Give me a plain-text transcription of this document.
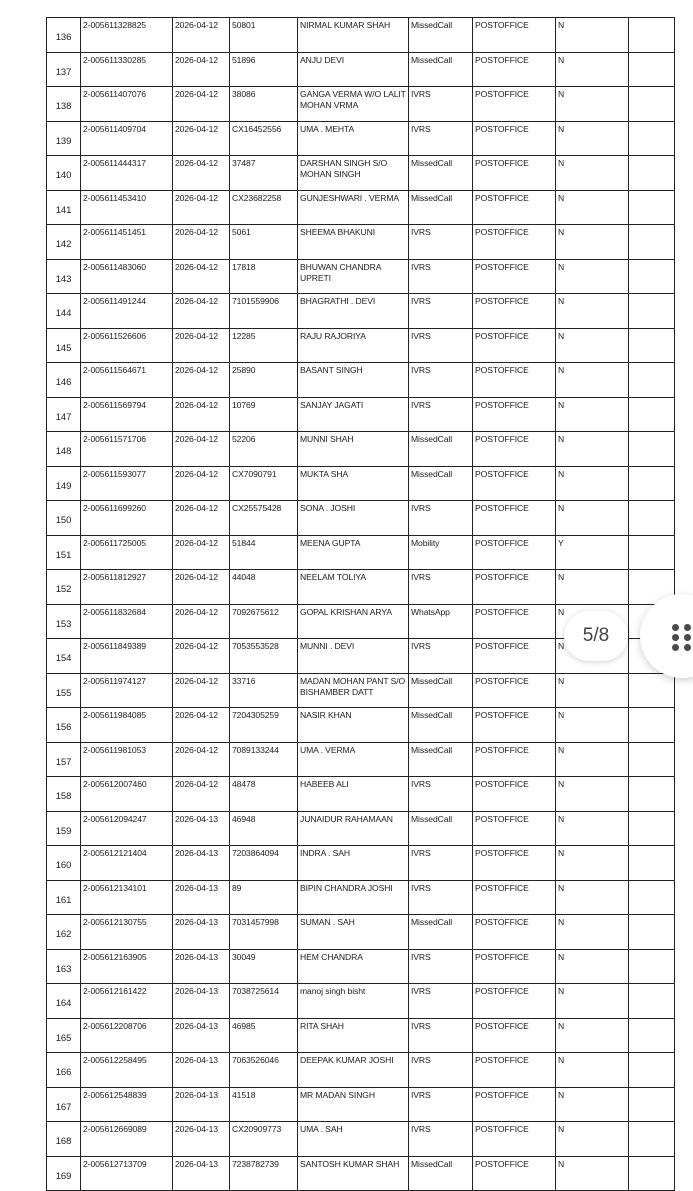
136	2-005611328825	2026-04-12	50801	NIRMAL KUMAR SHAH	MissedCall	POSTOFFICE	N	
137	2-005611330285	2026-04-12	51896	ANJU DEVI	MissedCall	POSTOFFICE	N	
138	2-005611407076	2026-04-12	38086	GANGA VERMA W/O LALIT MOHAN VRMA	IVRS	POSTOFFICE	N	
139	2-005611409704	2026-04-12	CX16452556	UMA . MEHTA	IVRS	POSTOFFICE	N	
140	2-005611444317	2026-04-12	37487	DARSHAN SINGH S/O MOHAN SINGH	MissedCall	POSTOFFICE	N	
141	2-005611453410	2026-04-12	CX23682258	GUNJESHWARI . VERMA	MissedCall	POSTOFFICE	N	
142	2-005611451451	2026-04-12	5061	SHEEMA BHAKUNI	IVRS	POSTOFFICE	N	
143	2-005611483060	2026-04-12	17818	BHUWAN CHANDRA UPRETI	IVRS	POSTOFFICE	N	
144	2-005611491244	2026-04-12	7101559906	BHAGRATHI . DEVI	IVRS	POSTOFFICE	N	
145	2-005611526606	2026-04-12	12285	RAJU RAJORIYA	IVRS	POSTOFFICE	N	
146	2-005611564671	2026-04-12	25890	BASANT SINGH	IVRS	POSTOFFICE	N	
147	2-005611569794	2026-04-12	10769	SANJAY JAGATI	IVRS	POSTOFFICE	N	
148	2-005611571706	2026-04-12	52206	MUNNI SHAH	MissedCall	POSTOFFICE	N	
149	2-005611593077	2026-04-12	CX7090791	MUKTA SHA	MissedCall	POSTOFFICE	N	
150	2-005611699260	2026-04-12	CX25575428	SONA . JOSHI	IVRS	POSTOFFICE	N	
151	2-005611725005	2026-04-12	51844	MEENA GUPTA	Mobility	POSTOFFICE	Y	
152	2-005611812927	2026-04-12	44048	NEELAM TOLIYA	IVRS	POSTOFFICE	N	
153	2-005611832684	2026-04-12	7092675612	GOPAL KRISHAN ARYA	WhatsApp	POSTOFFICE	N	
154	2-005611849389	2026-04-12	7053553528	MUNNI . DEVI	IVRS	POSTOFFICE	N	
155	2-005611974127	2026-04-12	33716	MADAN MOHAN PANT S/O BISHAMBER DATT	MissedCall	POSTOFFICE	N	
156	2-005611984085	2026-04-12	7204305259	NASIR KHAN	MissedCall	POSTOFFICE	N	
157	2-005611981053	2026-04-12	7089133244	UMA . VERMA	MissedCall	POSTOFFICE	N	
158	2-005612007460	2026-04-12	48478	HABEEB ALI	IVRS	POSTOFFICE	N	
159	2-005612094247	2026-04-13	46948	JUNAIDUR RAHAMAAN	MissedCall	POSTOFFICE	N	
160	2-005612121404	2026-04-13	7203864094	INDRA . SAH	IVRS	POSTOFFICE	N	
161	2-005612134101	2026-04-13	89	BIPIN CHANDRA JOSHI	IVRS	POSTOFFICE	N	
162	2-005612130755	2026-04-13	7031457998	SUMAN . SAH	MissedCall	POSTOFFICE	N	
163	2-005612163905	2026-04-13	30049	HEM CHANDRA	IVRS	POSTOFFICE	N	
164	2-005612161422	2026-04-13	7038725614	manoj singh bisht	IVRS	POSTOFFICE	N	
165	2-005612208706	2026-04-13	46985	RITA SHAH	IVRS	POSTOFFICE	N	
166	2-005612258495	2026-04-13	7063526046	DEEPAK KUMAR JOSHI	IVRS	POSTOFFICE	N	
167	2-005612548839	2026-04-13	41518	MR MADAN SINGH	IVRS	POSTOFFICE	N	
168	2-005612669089	2026-04-13	CX20909773	UMA . SAH	IVRS	POSTOFFICE	N	
169	2-005612713709	2026-04-13	7238782739	SANTOSH KUMAR SHAH	MissedCall	POSTOFFICE	N	
5/8
